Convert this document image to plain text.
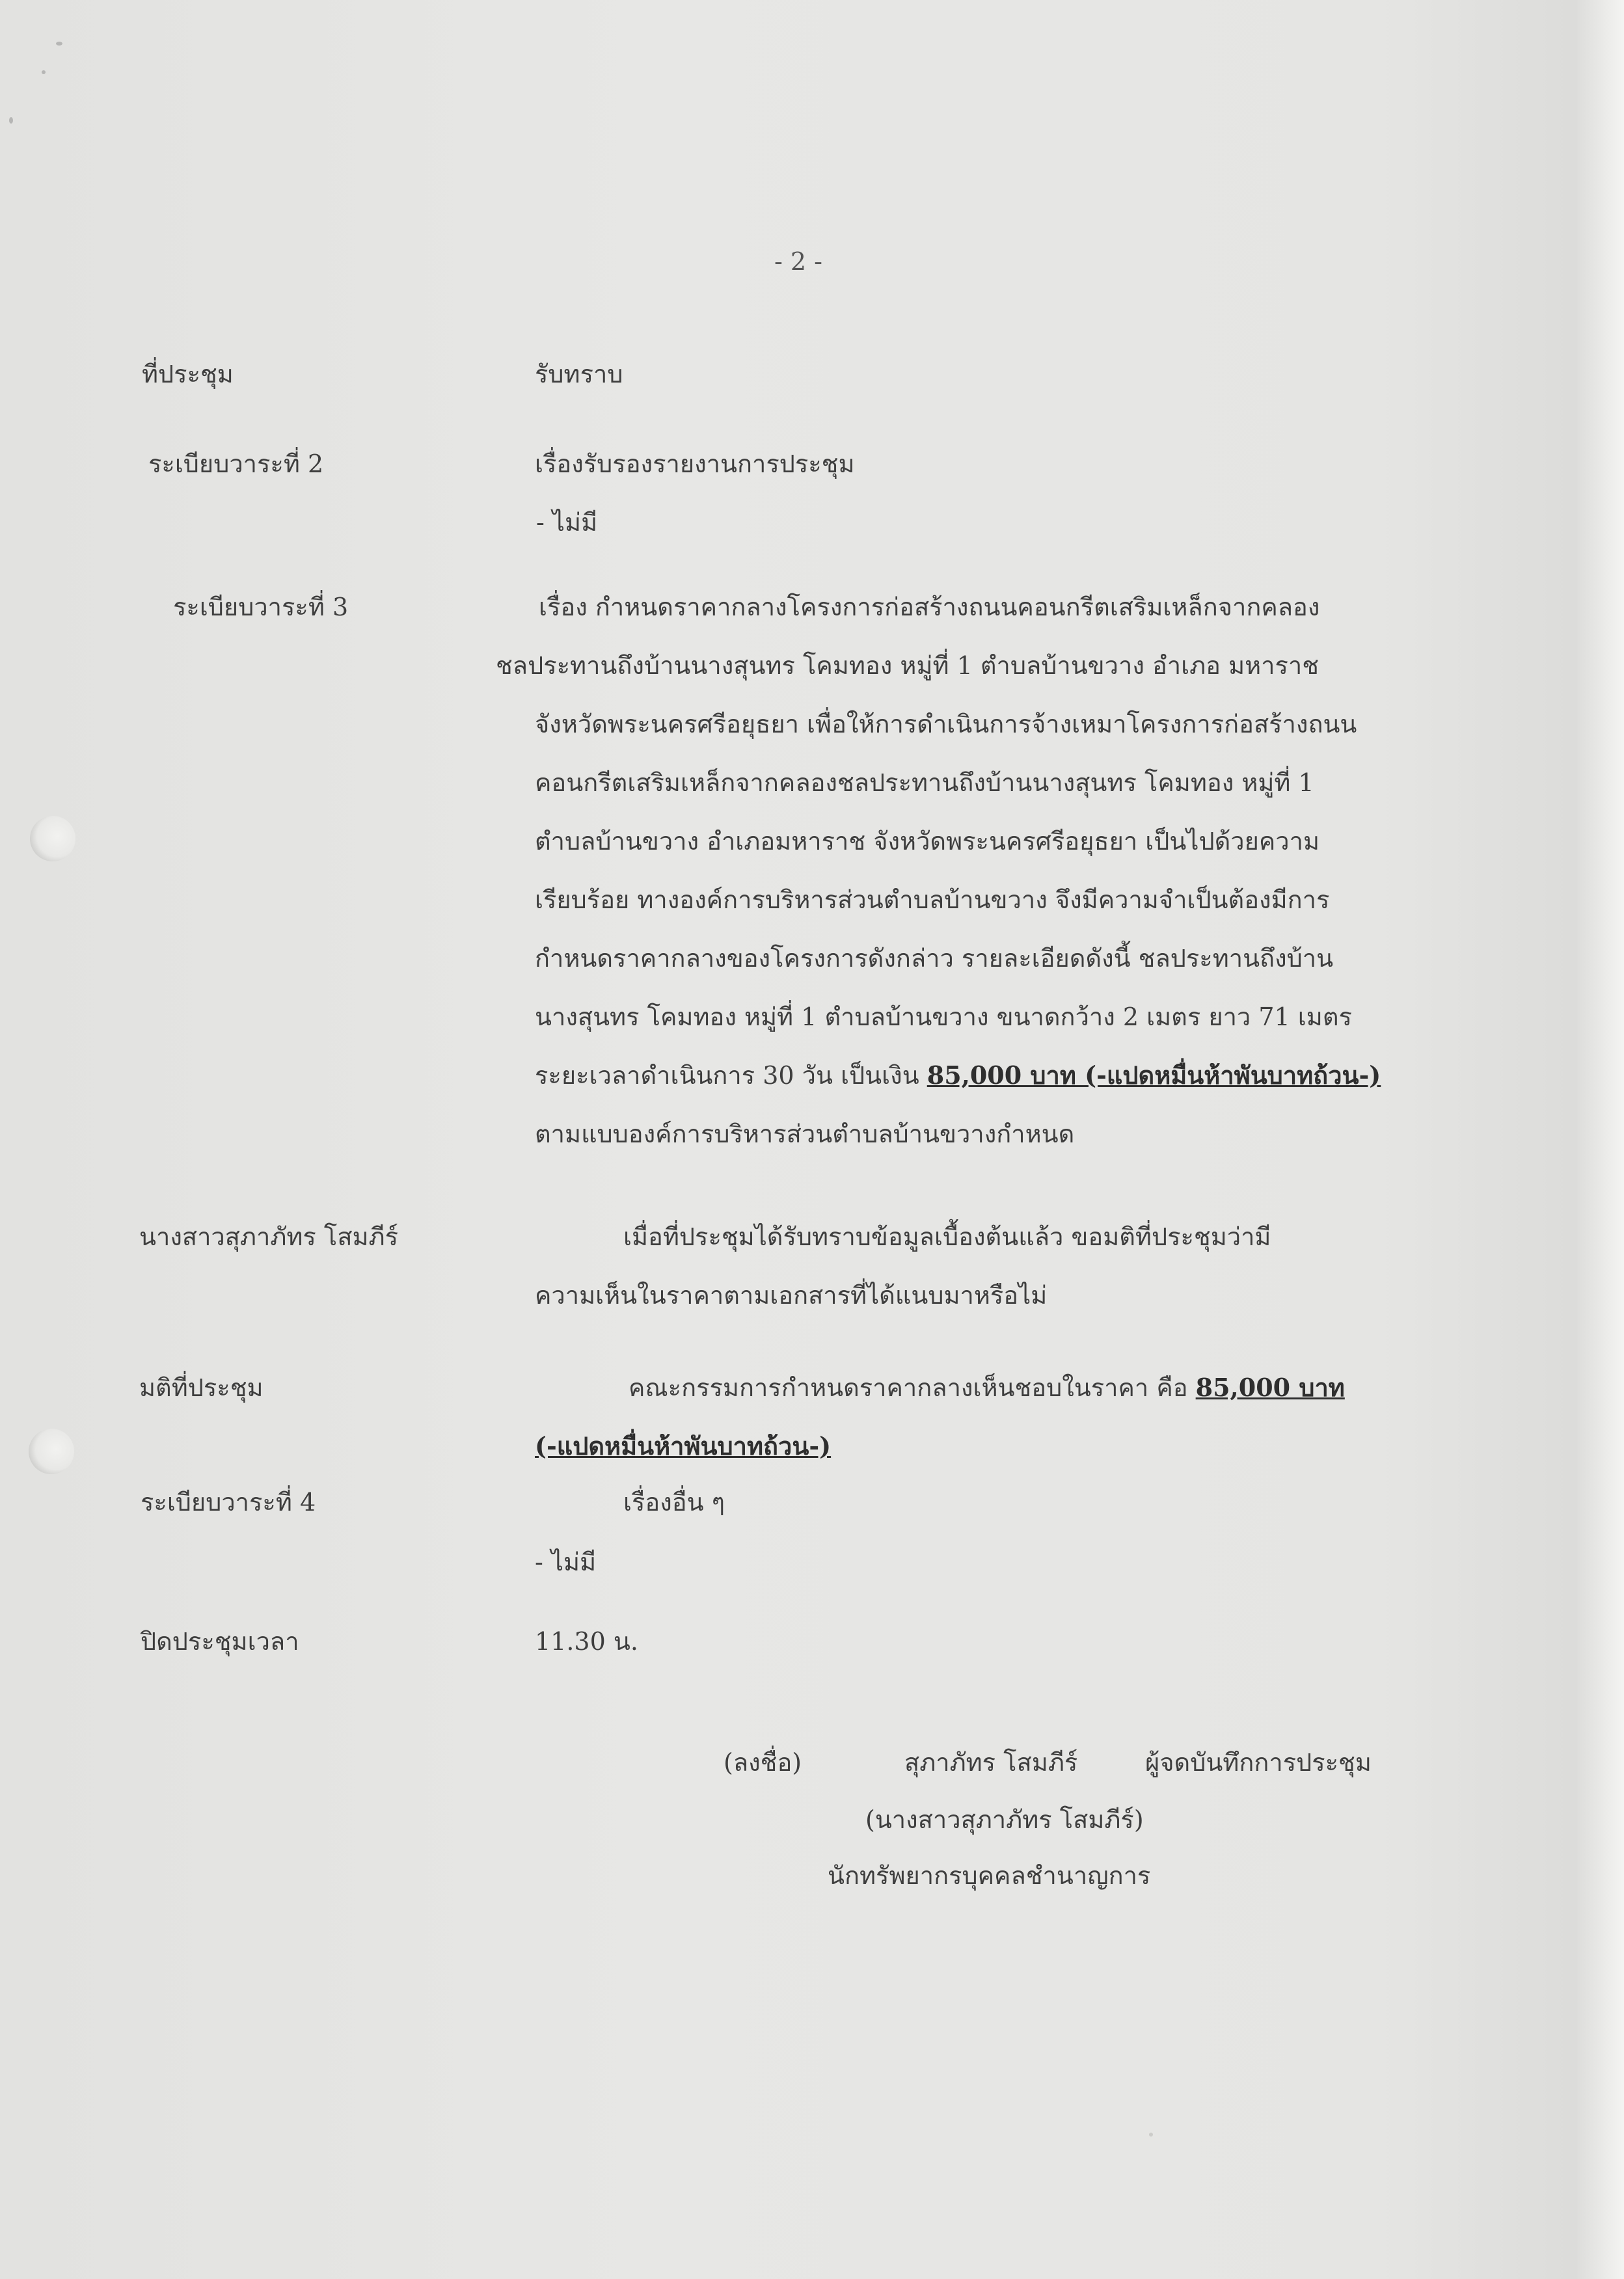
- 2 -
ที่ประชุม
ระเบียบวาระที่ 2
ระเบียบวาระที่ 3
นางสาวสุภาภัทร โสมภีร์
มติที่ประชุม
ระเบียบวาระที่ 4
ปิดประชุมเวลา
รับทราบ
เรื่องรับรองรายงานการประชุม
- ไม่มี
เรื่อง กำหนดราคากลางโครงการก่อสร้างถนนคอนกรีตเสริมเหล็กจากคลอง
ชลประทานถึงบ้านนางสุนทร โคมทอง หมู่ที่ 1 ตำบลบ้านขวาง อำเภอ มหาราช
จังหวัดพระนครศรีอยุธยา เพื่อให้การดำเนินการจ้างเหมาโครงการก่อสร้างถนน
คอนกรีตเสริมเหล็กจากคลองชลประทานถึงบ้านนางสุนทร โคมทอง หมู่ที่ 1
ตำบลบ้านขวาง อำเภอมหาราช จังหวัดพระนครศรีอยุธยา เป็นไปด้วยความ
เรียบร้อย ทางองค์การบริหารส่วนตำบลบ้านขวาง จึงมีความจำเป็นต้องมีการ
กำหนดราคากลางของโครงการดังกล่าว รายละเอียดดังนี้ ชลประทานถึงบ้าน
นางสุนทร โคมทอง หมู่ที่ 1 ตำบลบ้านขวาง ขนาดกว้าง 2 เมตร ยาว 71 เมตร
ระยะเวลาดำเนินการ 30 วัน เป็นเงิน 85,000 บาท (-แปดหมื่นห้าพันบาทถ้วน-)
ตามแบบองค์การบริหารส่วนตำบลบ้านขวางกำหนด
เมื่อที่ประชุมได้รับทราบข้อมูลเบื้องต้นแล้ว ขอมติที่ประชุมว่ามี
ความเห็นในราคาตามเอกสารที่ได้แนบมาหรือไม่
คณะกรรมการกำหนดราคากลางเห็นชอบในราคา คือ 85,000 บาท
(-แปดหมื่นห้าพันบาทถ้วน-)
เรื่องอื่น ๆ
- ไม่มี
11.30 น.
(ลงชื่อ)	สุภาภัทร โสมภีร์	ผู้จดบันทึกการประชุม
(นางสาวสุภาภัทร โสมภีร์)
นักทรัพยากรบุคคลชำนาญการ
